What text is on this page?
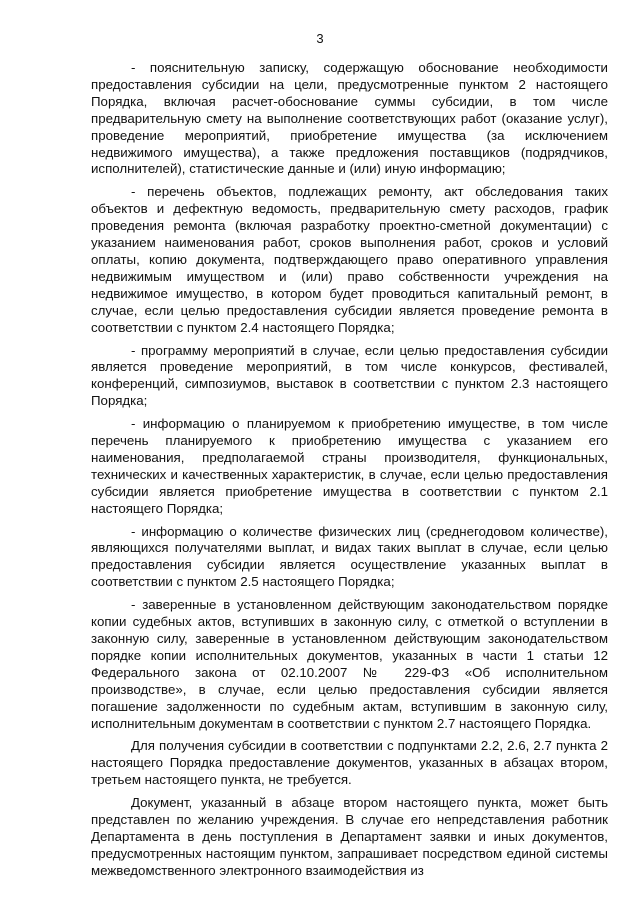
3

- пояснительную записку, содержащую обоснование необходимости предоставления субсидии на цели, предусмотренные пунктом 2 настоящего Порядка, включая расчет-обоснование суммы субсидии, в том числе предварительную смету на выполнение соответствующих работ (оказание услуг), проведение мероприятий, приобретение имущества (за исключением недвижимого имущества), а также предложения поставщиков (подрядчиков, исполнителей), статистические данные и (или) иную информацию;

- перечень объектов, подлежащих ремонту, акт обследования таких объектов и дефектную ведомость, предварительную смету расходов, график проведения ремонта (включая разработку проектно-сметной документации) с указанием наименования работ, сроков выполнения работ, сроков и условий оплаты, копию документа, подтверждающего право оперативного управления недвижимым имуществом и (или) право собственности учреждения на недвижимое имущество, в котором будет проводиться капитальный ремонт, в случае, если целью предоставления субсидии является проведение ремонта в соответствии с пунктом 2.4 настоящего Порядка;

- программу мероприятий в случае, если целью предоставления субсидии является проведение мероприятий, в том числе конкурсов, фестивалей, конференций, симпозиумов, выставок в соответствии с пунктом 2.3 настоящего Порядка;

- информацию о планируемом к приобретению имуществе, в том числе перечень планируемого к приобретению имущества с указанием его наименования, предполагаемой страны производителя, функциональных, технических и качественных характеристик, в случае, если целью предоставления субсидии является приобретение имущества в соответствии с пунктом 2.1 настоящего Порядка;

- информацию о количестве физических лиц (среднегодовом количестве), являющихся получателями выплат, и видах таких выплат в случае, если целью предоставления субсидии является осуществление указанных выплат в соответствии с пунктом 2.5 настоящего Порядка;

- заверенные в установленном действующим законодательством порядке копии судебных актов, вступивших в законную силу, с отметкой о вступлении в законную силу, заверенные в установленном действующим законодательством порядке копии исполнительных документов, указанных в части 1 статьи 12 Федерального закона от 02.10.2007 № 229-ФЗ «Об исполнительном производстве», в случае, если целью предоставления субсидии является погашение задолженности по судебным актам, вступившим в законную силу, исполнительным документам в соответствии с пунктом 2.7 настоящего Порядка.

Для получения субсидии в соответствии с подпунктами 2.2, 2.6, 2.7 пункта 2 настоящего Порядка предоставление документов, указанных в абзацах втором, третьем настоящего пункта, не требуется.

Документ, указанный в абзаце втором настоящего пункта, может быть представлен по желанию учреждения. В случае его непредставления работник Департамента в день поступления в Департамент заявки и иных документов, предусмотренных настоящим пунктом, запрашивает посредством единой системы межведомственного электронного взаимодействия из
